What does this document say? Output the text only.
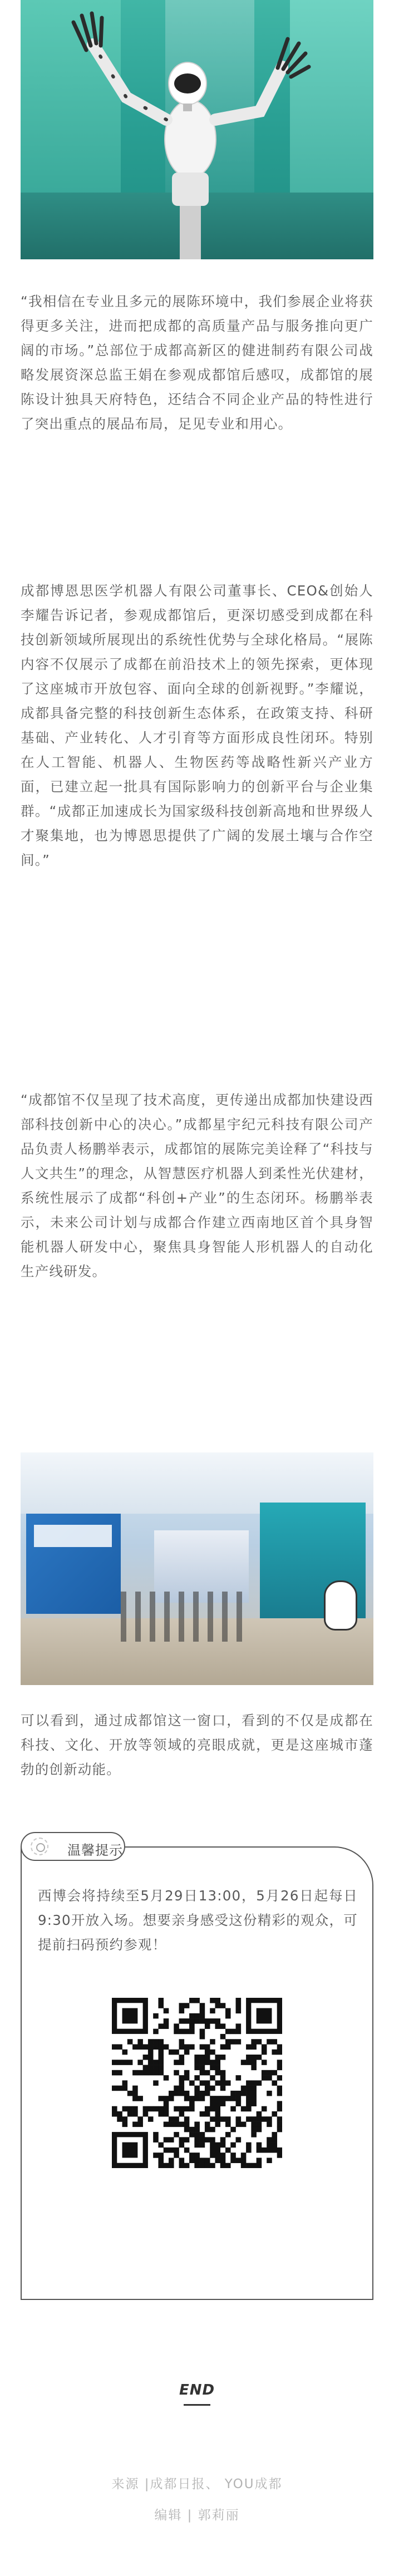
“我相信在专业且多元的展陈环境中，我们参展企业将获得更多关注，进而把成都的高质量产品与服务推向更广阔的市场。”总部位于成都高新区的健进制药有限公司战略发展资深总监王娟在参观成都馆后感叹，成都馆的展陈设计独具天府特色，还结合不同企业产品的特性进行了突出重点的展品布局，足见专业和用心。

成都博恩思医学机器人有限公司董事长、CEO&创始人李耀告诉记者，参观成都馆后，更深切感受到成都在科技创新领域所展现出的系统性优势与全球化格局。“展陈内容不仅展示了成都在前沿技术上的领先探索，更体现了这座城市开放包容、面向全球的创新视野。”李耀说，成都具备完整的科技创新生态体系，在政策支持、科研基础、产业转化、人才引育等方面形成良性闭环。特别在人工智能、机器人、生物医药等战略性新兴产业方面，已建立起一批具有国际影响力的创新平台与企业集群。“成都正加速成长为国家级科技创新高地和世界级人才聚集地，也为博恩思提供了广阔的发展土壤与合作空间。”

“成都馆不仅呈现了技术高度，更传递出成都加快建设西部科技创新中心的决心。”成都星宇纪元科技有限公司产品负责人杨鹏举表示，成都馆的展陈完美诠释了“科技与人文共生”的理念，从智慧医疗机器人到柔性光伏建材，系统性展示了成都“科创+产业”的生态闭环。杨鹏举表示，未来公司计划与成都合作建立西南地区首个具身智能机器人研发中心，聚焦具身智能人形机器人的自动化生产线研发。

可以看到，通过成都馆这一窗口，看到的不仅是成都在科技、文化、开放等领域的亮眼成就，更是这座城市蓬勃的创新动能。

温馨提示

西博会将持续至5月29日13:00，5月26日起每日9:30开放入场。想要亲身感受这份精彩的观众，可提前扫码预约参观！

END
来源 |成都日报、 YOU成都
编辑 | 郭莉丽
